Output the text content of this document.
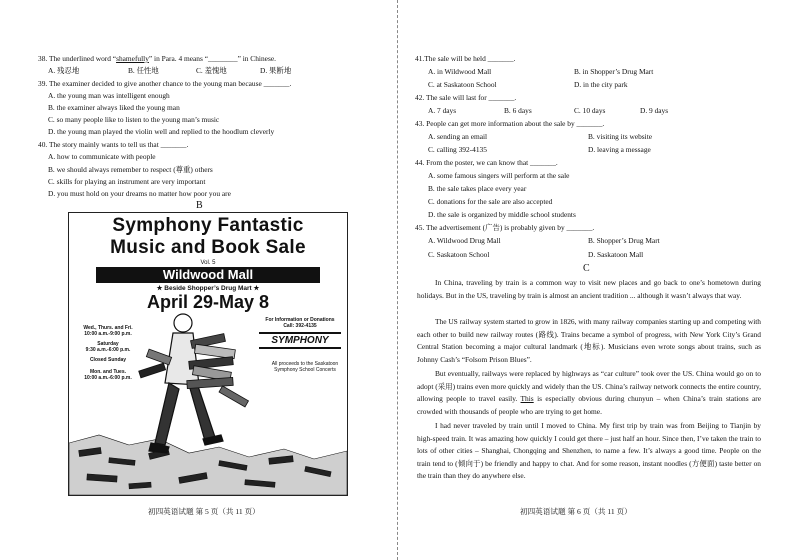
38. The underlined word “shamefully” in Para. 4 means “________” in Chinese.
A. 残忍地	B. 任性地	C. 羞愧地	D. 果断地
39. The examiner decided to give another chance to the young man because _______.
A. the young man was intelligent enough
B. the examiner always liked the young man
C. so many people like to listen to the young man’s music
D. the young man played the violin well and replied to the hoodlum cleverly
40. The story mainly wants to tell us that _______.
A. how to communicate with people
B. we should always remember to respect (尊重) others
C. skills for playing an instrument are very important
D. you must hold on your dreams no matter how poor you are
B
Symphony Fantastic
Music and Book Sale
Vol. 5
Wildwood Mall
★ Beside Shopper’s Drug Mart ★
April 29-May 8
Wed., Thurs. and Fri.
10:00 a.m.-9:00 p.m.
Saturday
9:30 a.m.-6:00 p.m.
Closed Sunday
Mon. and Tues.
10:00 a.m.-6:00 p.m.
For Information or Donations
Call: 392-4135
SYMPHONY
All proceeds to the Saskatoon Symphony School Concerts
初四英语试题 第 5 页（共 11 页）
41.The sale will be held _______.
A. in Wildwood Mall	B. in Shopper’s Drug Mart
C. at Saskatoon School	D. in the city park
42. The sale will last for _______.
A. 7 days	B. 6 days	C. 10 days	D. 9 days
43. People can get more information about the sale by _______.
A. sending an email	B. visiting its website
C. calling 392-4135	D. leaving a message
44. From the poster, we can know that _______.
A. some famous singers will perform at the sale
B. the sale takes place every year
C. donations for the sale are also accepted
D. the sale is organized by middle school students
45. The advertisement (广告) is probably given by _______.
A. Wildwood Drug Mall	B. Shopper’s Drug Mart
C. Saskatoon School	D. Saskatoon Mall
C
In China, traveling by train is a common way to visit new places and go back to one’s hometown during holidays. But in the US, traveling by train is almost an ancient tradition ... although it wasn’t always that way.
The US railway system started to grow in 1826, with many railway companies starting up and competing with each other to build new railway routes (路线). Trains became a symbol of progress, with New York City’s Grand Central Station becoming a major cultural landmark (地标). Musicians even wrote songs about trains, such as Johnny Cash’s “Folsom Prison Blues”.
But eventually, railways were replaced by highways as “car culture” took over the US. China would go on to adopt (采用) trains even more quickly and widely than the US. China’s railway network connects the entire country, allowing people to travel easily. This is especially obvious during chunyun – when China’s train stations are crowded with thousands of people who are trying to get home.
I had never traveled by train until I moved to China. My first trip by train was from Beijing to Tianjin by high-speed train. It was amazing how quickly I could get there – just half an hour. Since then, I’ve taken the train to lots of other cities – Shanghai, Chongqing and Shenzhen, to name a few. It’s always a good time. People on the train tend to (倾向于) be friendly and happy to chat. And for some reason, instant noodles (方便面) taste better on the train than they do anywhere else.
初四英语试题 第 6 页（共 11 页）
